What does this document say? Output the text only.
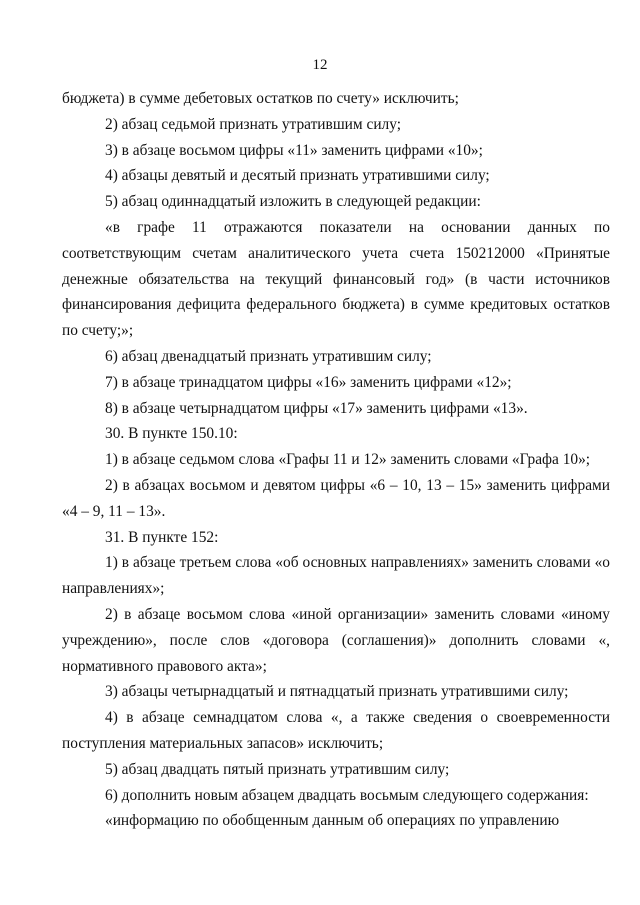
12

бюджета) в сумме дебетовых остатков по счету» исключить;

2) абзац седьмой признать утратившим силу;

3) в абзаце восьмом цифры «11» заменить цифрами «10»;

4) абзацы девятый и десятый признать утратившими силу;

5) абзац одиннадцатый изложить в следующей редакции:

«в графе 11 отражаются показатели на основании данных по соответствующим счетам аналитического учета счета 150212000 «Принятые денежные обязательства на текущий финансовый год» (в части источников финансирования дефицита федерального бюджета) в сумме кредитовых остатков по счету;»;

6) абзац двенадцатый признать утратившим силу;

7) в абзаце тринадцатом цифры «16» заменить цифрами «12»;

8) в абзаце четырнадцатом цифры «17» заменить цифрами «13».

30. В пункте 150.10:

1) в абзаце седьмом слова «Графы 11 и 12» заменить словами «Графа 10»;

2) в абзацах восьмом и девятом цифры «6 – 10, 13 – 15» заменить цифрами «4 – 9, 11 – 13».

31. В пункте 152:

1) в абзаце третьем слова «об основных направлениях» заменить словами «о направлениях»;

2) в абзаце восьмом слова «иной организации» заменить словами «иному учреждению», после слов «договора (соглашения)» дополнить словами «, нормативного правового акта»;

3) абзацы четырнадцатый и пятнадцатый признать утратившими силу;

4) в абзаце семнадцатом слова «, а также сведения о своевременности поступления материальных запасов» исключить;

5) абзац двадцать пятый признать утратившим силу;

6) дополнить новым абзацем двадцать восьмым следующего содержания:

«информацию по обобщенным данным об операциях по управлению
